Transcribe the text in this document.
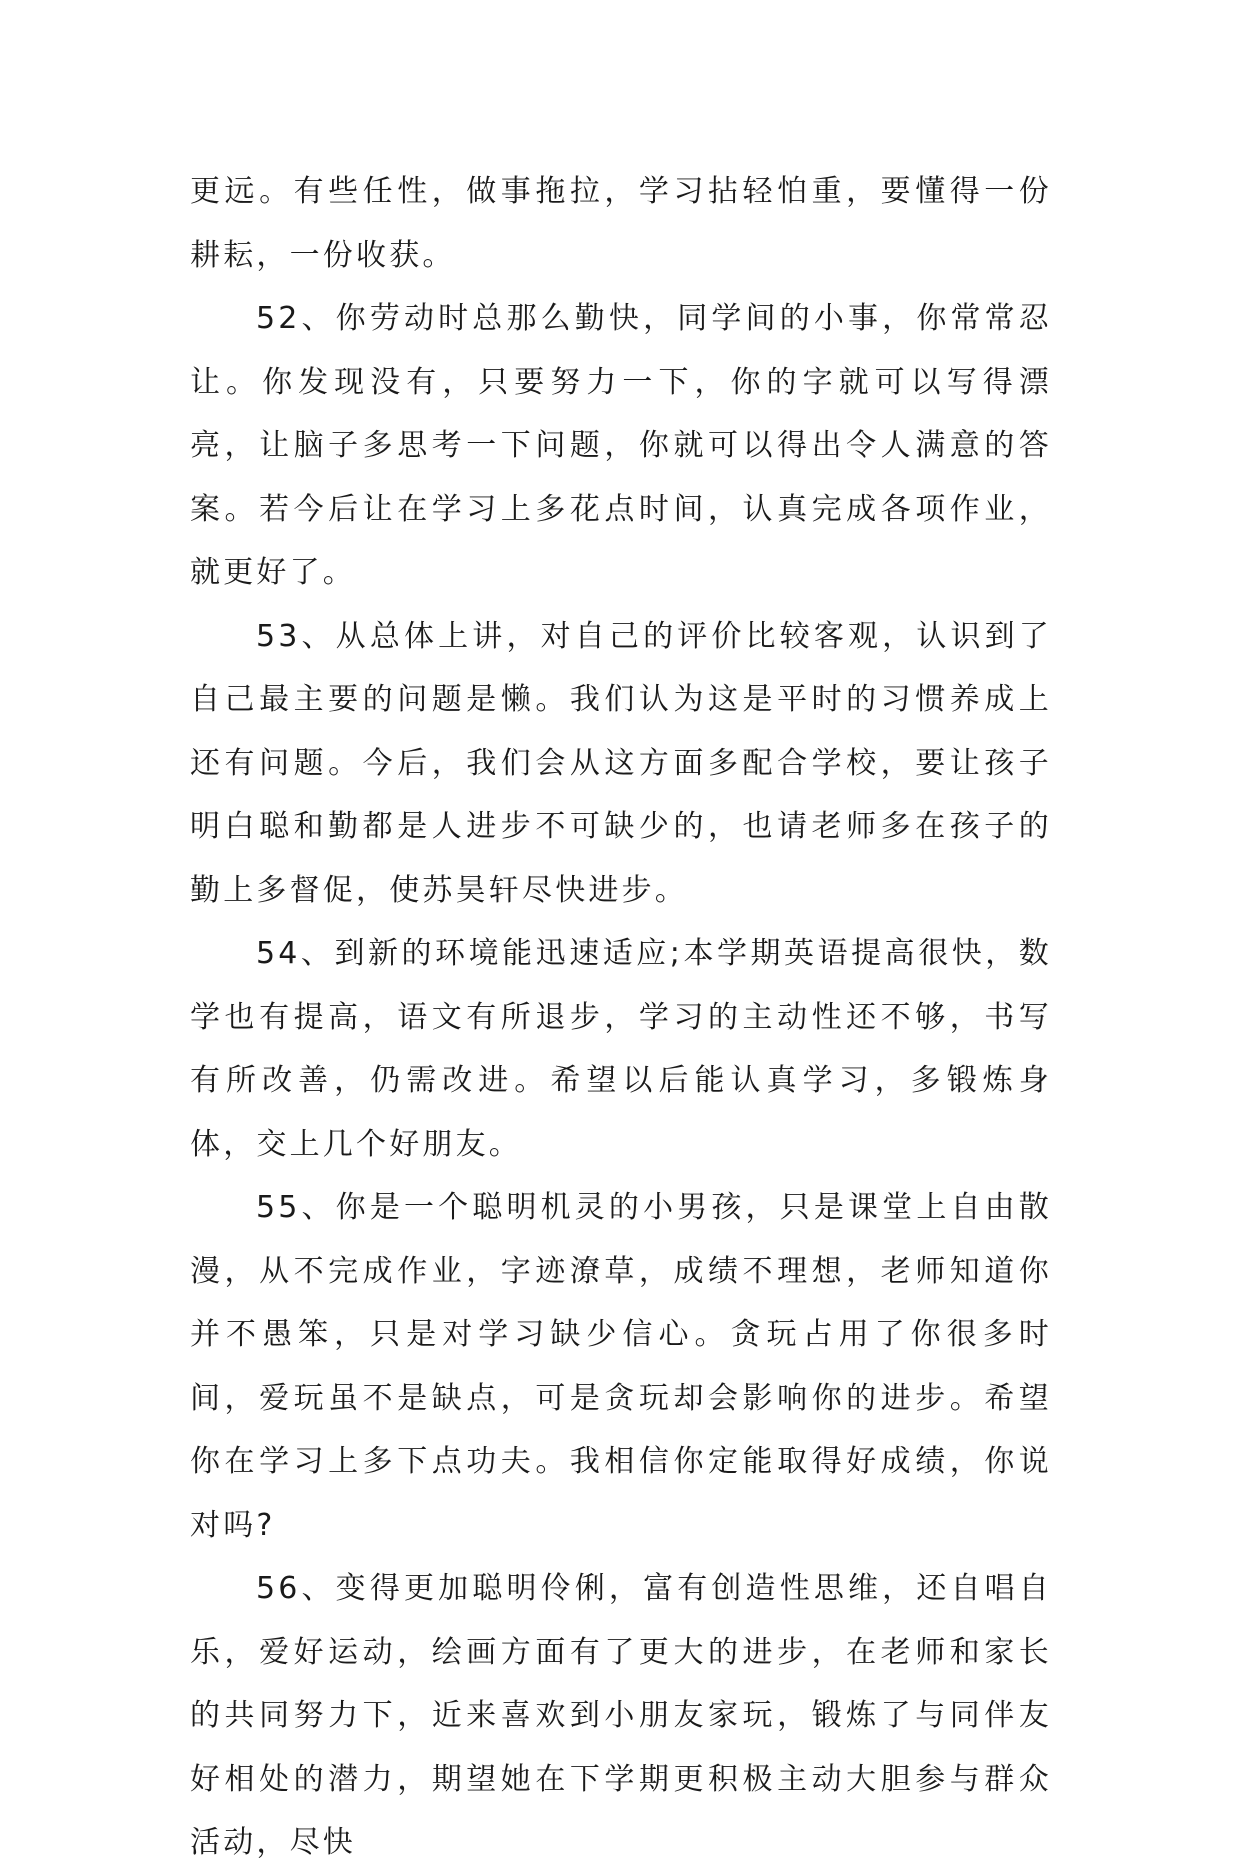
更远。有些任性，做事拖拉，学习拈轻怕重，要懂得一份耕耘，一份收获。

52、你劳动时总那么勤快，同学间的小事，你常常忍让。你发现没有，只要努力一下，你的字就可以写得漂亮，让脑子多思考一下问题，你就可以得出令人满意的答案。若今后让在学习上多花点时间，认真完成各项作业，就更好了。

53、从总体上讲，对自己的评价比较客观，认识到了自己最主要的问题是懒。我们认为这是平时的习惯养成上还有问题。今后，我们会从这方面多配合学校，要让孩子明白聪和勤都是人进步不可缺少的，也请老师多在孩子的勤上多督促，使苏昊轩尽快进步。

54、到新的环境能迅速适应;本学期英语提高很快，数学也有提高，语文有所退步，学习的主动性还不够，书写有所改善，仍需改进。希望以后能认真学习，多锻炼身体，交上几个好朋友。

55、你是一个聪明机灵的小男孩，只是课堂上自由散漫，从不完成作业，字迹潦草，成绩不理想，老师知道你并不愚笨，只是对学习缺少信心。贪玩占用了你很多时间，爱玩虽不是缺点，可是贪玩却会影响你的进步。希望你在学习上多下点功夫。我相信你定能取得好成绩，你说对吗?

56、变得更加聪明伶俐，富有创造性思维，还自唱自乐，爱好运动，绘画方面有了更大的进步，在老师和家长的共同努力下，近来喜欢到小朋友家玩，锻炼了与同伴友好相处的潜力，期望她在下学期更积极主动大胆参与群众活动，尽快
